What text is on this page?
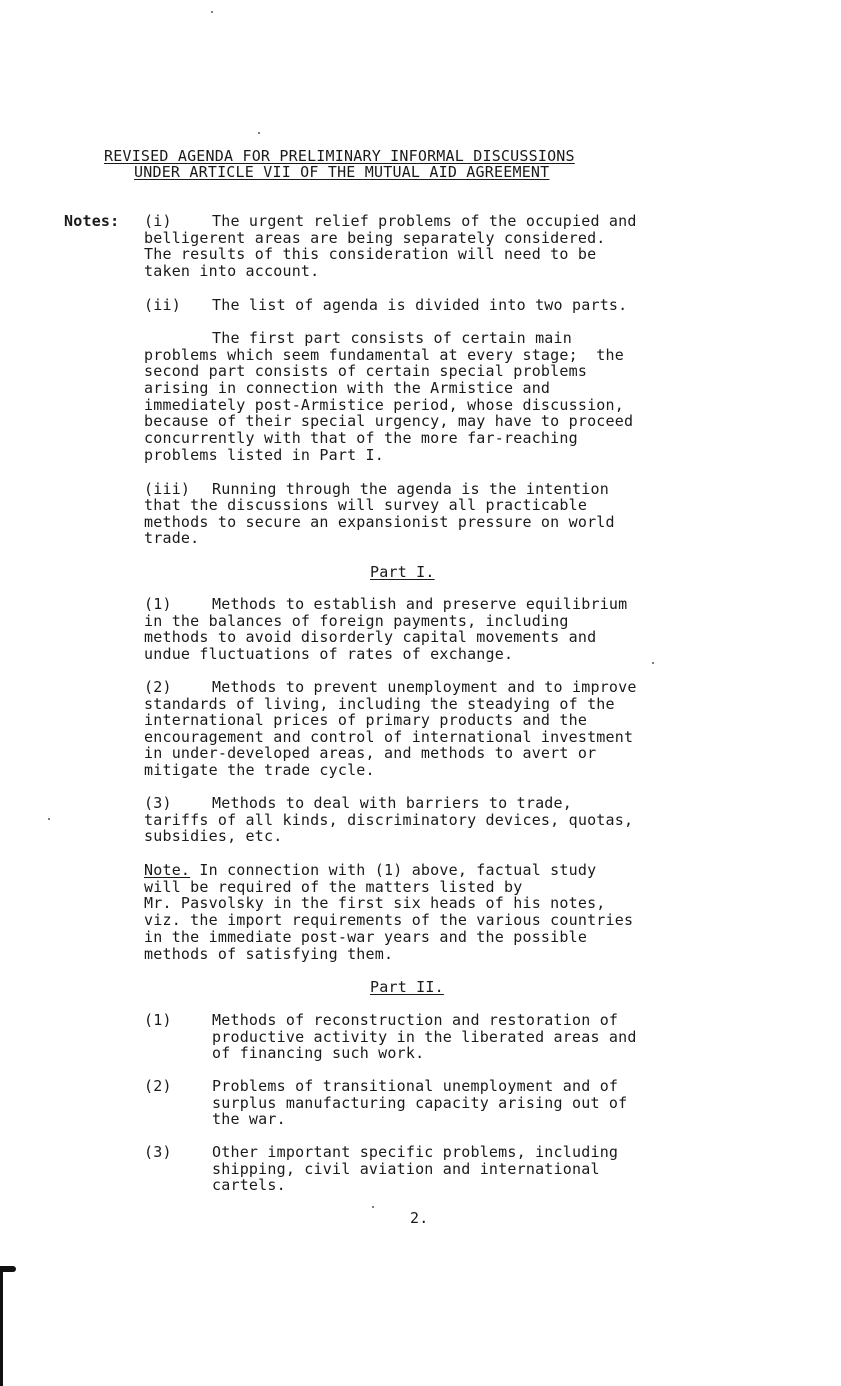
REVISED AGENDA FOR PRELIMINARY INFORMAL DISCUSSIONS
UNDER ARTICLE VII OF THE MUTUAL AID AGREEMENT
Notes: (i)	The urgent relief problems of the occupied and
belligerent areas are being separately considered.
The results of this consideration will need to be
taken into account.
(ii) The list of agenda is divided into two parts.
The first part consists of certain main
problems which seem fundamental at every stage;  the
second part consists of certain special problems
arising in connection with the Armistice and
immediately post-Armistice period, whose discussion,
because of their special urgency, may have to proceed
concurrently with that of the more far-reaching
problems listed in Part I.
(iii) Running through the agenda is the intention
that the discussions will survey all practicable
methods to secure an expansionist pressure on world
trade.
Part I.
(1)	Methods to establish and preserve equilibrium
in the balances of foreign payments, including
methods to avoid disorderly capital movements and
undue fluctuations of rates of exchange.
(2)	Methods to prevent unemployment and to improve
standards of living, including the steadying of the
international prices of primary products and the
encouragement and control of international investment
in under-developed areas, and methods to avert or
mitigate the trade cycle.
(3)	Methods to deal with barriers to trade,
tariffs of all kinds, discriminatory devices, quotas,
subsidies, etc.
Note. In connection with (1) above, factual study
will be required of the matters listed by
Mr. Pasvolsky in the first six heads of his notes,
viz. the import requirements of the various countries
in the immediate post-war years and the possible
methods of satisfying them.
Part II.
(1)	Methods of reconstruction and restoration of
productive activity in the liberated areas and
of financing such work.
(2)	Problems of transitional unemployment and of
surplus manufacturing capacity arising out of
the war.
(3)	Other important specific problems, including
shipping, civil aviation and international
cartels.
2.
